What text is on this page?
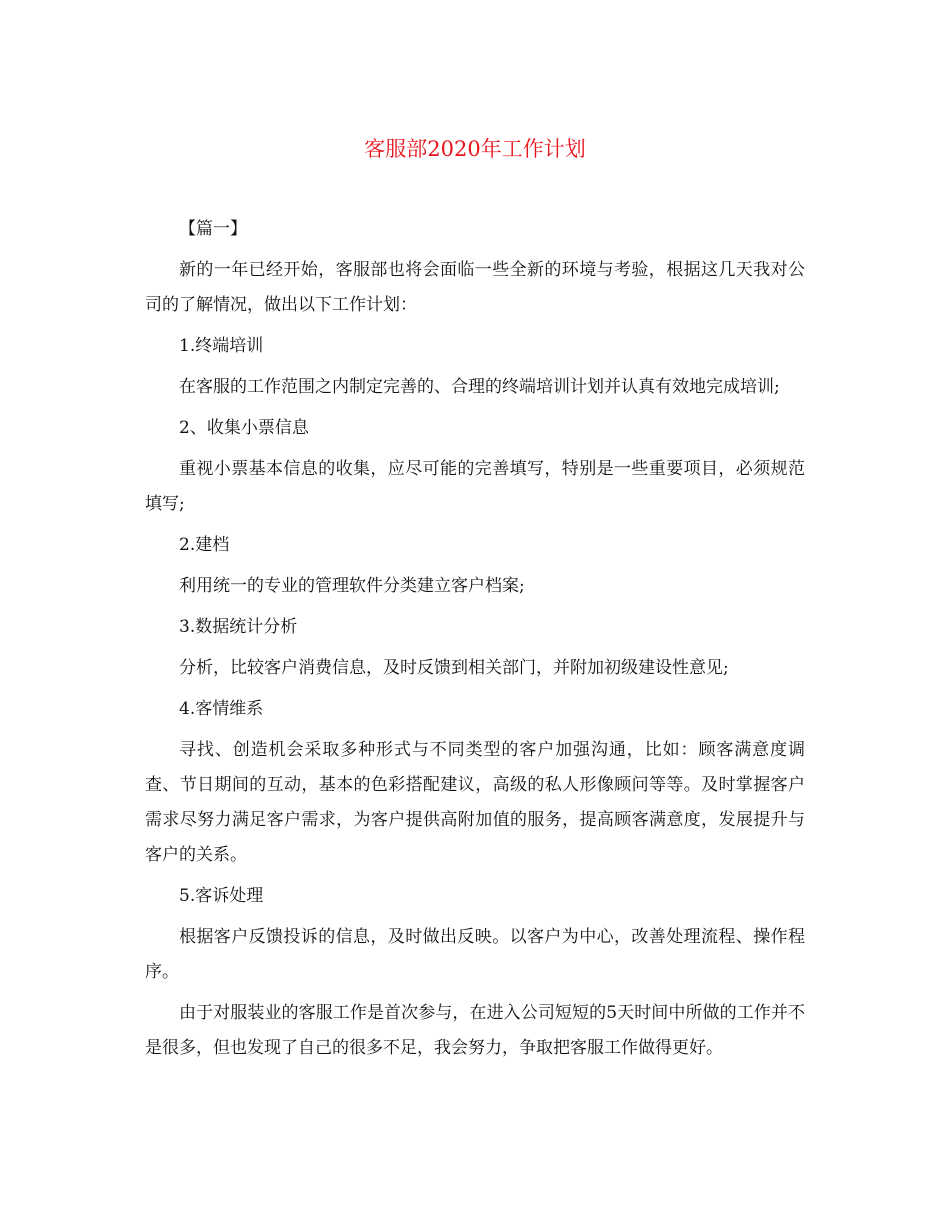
客服部2020年工作计划

【篇一】

新的一年已经开始，客服部也将会面临一些全新的环境与考验，根据这几天我对公司的了解情况，做出以下工作计划：

1.终端培训

在客服的工作范围之内制定完善的、合理的终端培训计划并认真有效地完成培训;

2、收集小票信息

重视小票基本信息的收集，应尽可能的完善填写，特别是一些重要项目，必须规范填写;

2.建档

利用统一的专业的管理软件分类建立客户档案;

3.数据统计分析

分析，比较客户消费信息，及时反馈到相关部门，并附加初级建设性意见;

4.客情维系

寻找、创造机会采取多种形式与不同类型的客户加强沟通，比如：顾客满意度调查、节日期间的互动，基本的色彩搭配建议，高级的私人形像顾问等等。及时掌握客户需求尽努力满足客户需求，为客户提供高附加值的服务，提高顾客满意度，发展提升与客户的关系。

5.客诉处理

根据客户反馈投诉的信息，及时做出反映。以客户为中心，改善处理流程、操作程序。

由于对服装业的客服工作是首次参与，在进入公司短短的5天时间中所做的工作并不是很多，但也发现了自己的很多不足，我会努力，争取把客服工作做得更好。
